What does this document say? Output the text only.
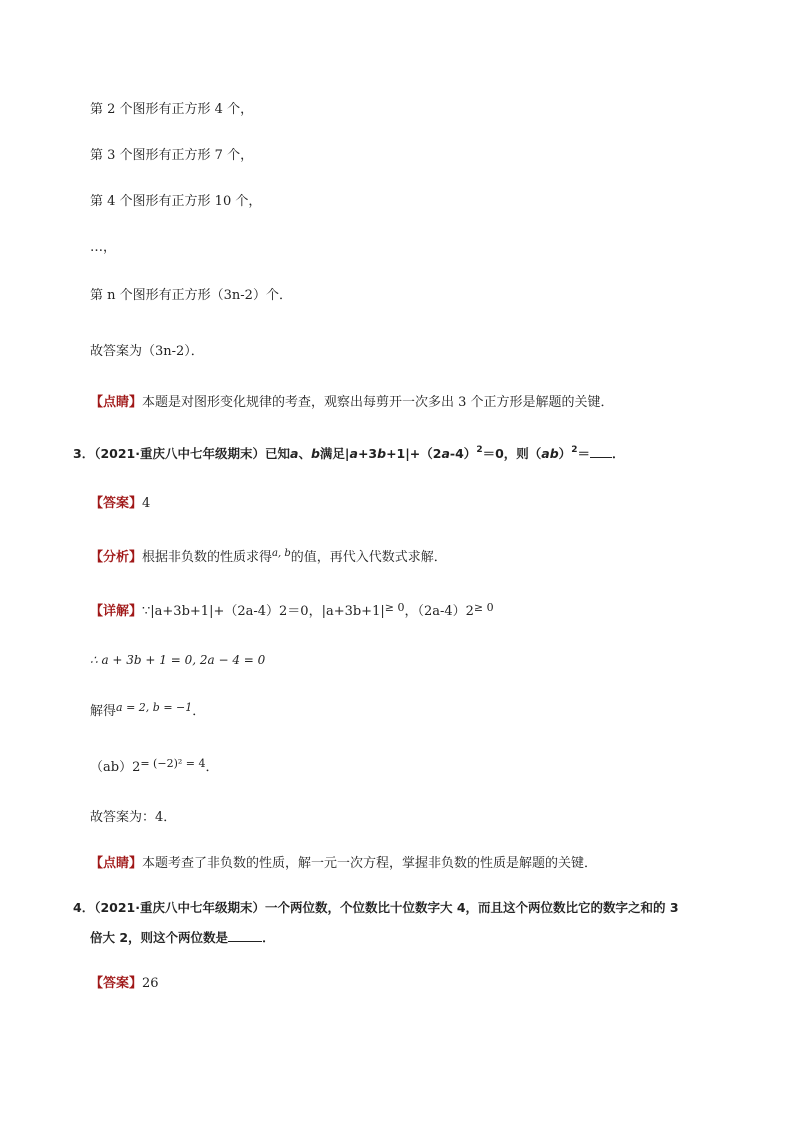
第 2 个图形有正方形 4 个，
第 3 个图形有正方形 7 个，
第 4 个图形有正方形 10 个，
…，
第 n 个图形有正方形（3n-2）个．
故答案为（3n-2）．
【点睛】本题是对图形变化规律的考查，观察出每剪开一次多出 3 个正方形是解题的关键．
3．（2021·重庆八中七年级期末）已知a、b满足$|a+3b+1|+(2a-4)^2=0$，则（ab）$^2$＝ ．
【答案】4
【分析】根据非负数的性质求得$^{a, b}$的值，再代入代数式求解．
【详解】∵|a+3b+1|+（2a-4）2＝0，$|a+3b+1|^{\ge 0}$，$(2a-4)2^{\ge 0}$
∴ a + 3b + 1 = 0, 2a − 4 = 0
解得$^{a = 2, b = -1}$．
$(ab)2^{= (-2)^2 = 4}$．
故答案为：4．
【点睛】本题考查了非负数的性质，解一元一次方程，掌握非负数的性质是解题的关键．
4．（2021·重庆八中七年级期末）一个两位数，个位数比十位数字大 4，而且这个两位数比它的数字之和的 3
倍大 2，则这个两位数是	．
【答案】26
